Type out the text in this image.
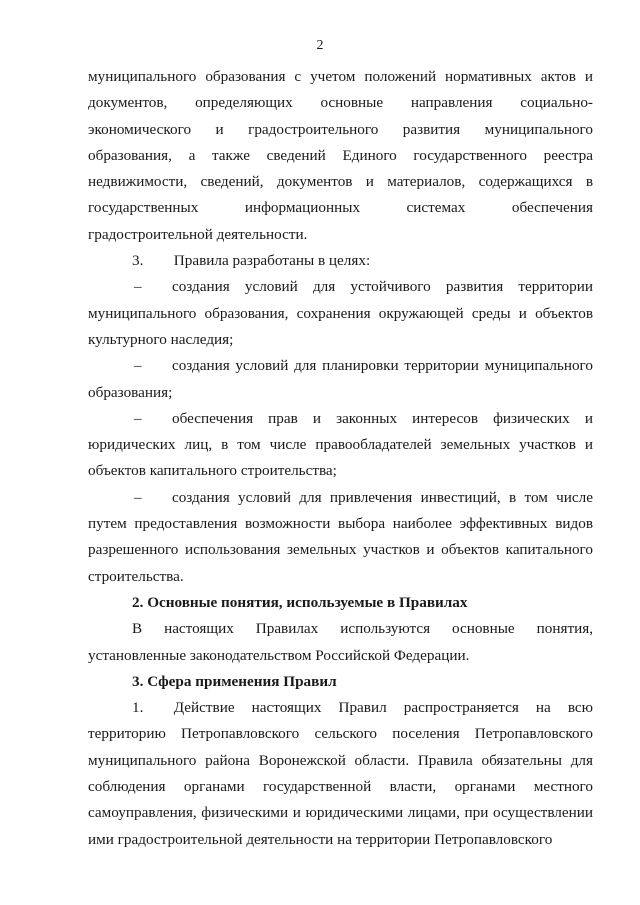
2

муниципального образования с учетом положений нормативных актов и документов, определяющих основные направления социально-экономического и градостроительного развития муниципального образования, а также сведений Единого государственного реестра недвижимости, сведений, документов и материалов, содержащихся в государственных информационных системах обеспечения градостроительной деятельности.

3.  Правила разработаны в целях:

–  создания условий для устойчивого развития территории муниципального образования, сохранения окружающей среды и объектов культурного наследия;

–  создания условий для планировки территории муниципального образования;

–  обеспечения прав и законных интересов физических и юридических лиц, в том числе правообладателей земельных участков и объектов капитального строительства;

–  создания условий для привлечения инвестиций, в том числе путем предоставления возможности выбора наиболее эффективных видов разрешенного использования земельных участков и объектов капитального строительства.

2. Основные понятия, используемые в Правилах

В настоящих Правилах используются основные понятия, установленные законодательством Российской Федерации.

3. Сфера применения Правил

1.  Действие настоящих Правил распространяется на всю территорию Петропавловского сельского поселения Петропавловского муниципального района Воронежской области. Правила обязательны для соблюдения органами государственной власти, органами местного самоуправления, физическими и юридическими лицами, при осуществлении ими градостроительной деятельности на территории Петропавловского
